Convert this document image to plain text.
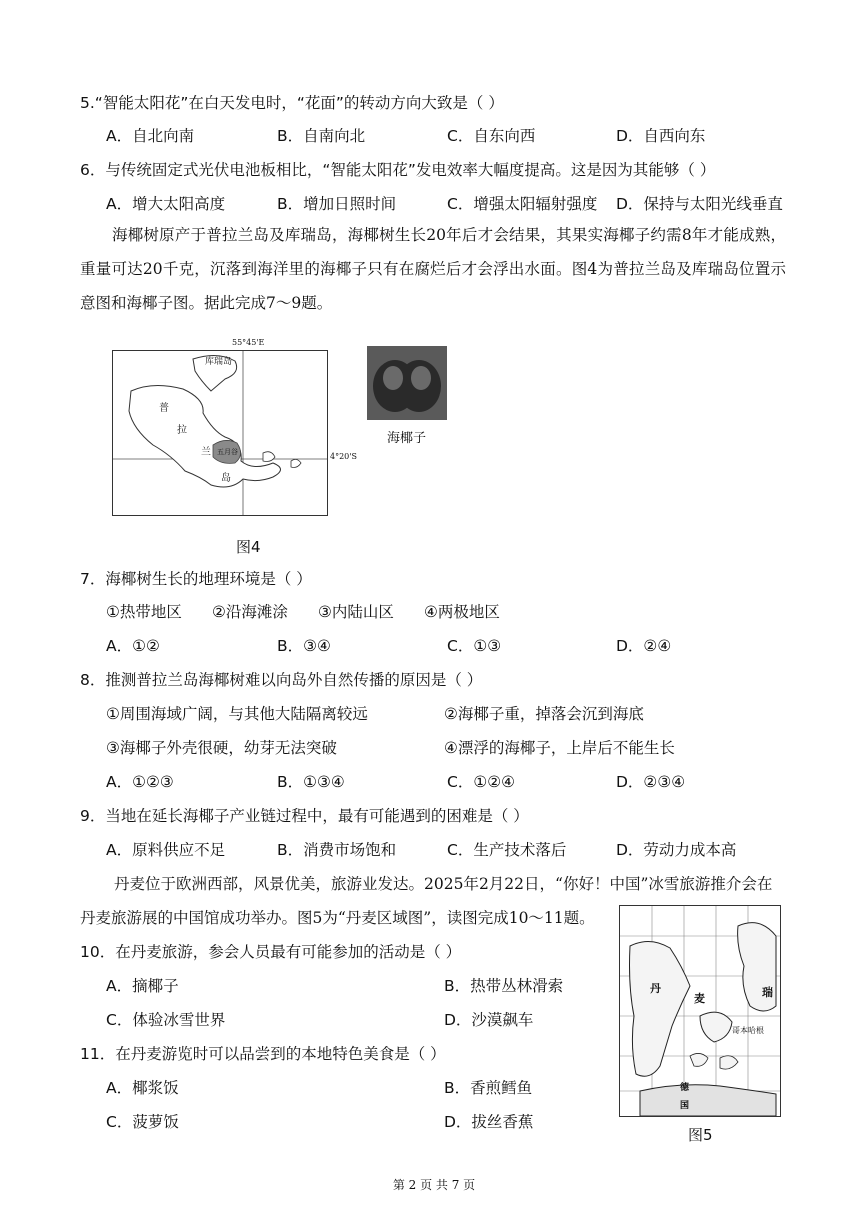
5.“智能太阳花”在白天发电时，“花面”的转动方向大致是（ ）
A．自北向南	B．自南向北	C．自东向西	D．自西向东
6．与传统固定式光伏电池板相比，“智能太阳花”发电效率大幅度提高。这是因为其能够（ ）
A．增大太阳高度	B．增加日照时间	C．增强太阳辐射强度 D．保持与太阳光线垂直
海椰树原产于普拉兰岛及库瑞岛，海椰树生长20年后才会结果，其果实海椰子约需8年才能成熟，重量可达20千克，沉落到海洋里的海椰子只有在腐烂后才会浮出水面。图4为普拉兰岛及库瑞岛位置示意图和海椰子图。据此完成7～9题。
库瑞岛
普
拉
兰
岛
五月谷
55°45'E
4°20'S
海椰子
图4
7．海椰树生长的地理环境是（ ）
①热带地区 ②沿海滩涂 ③内陆山区 ④两极地区
A．①②	B．③④	C．①③	D．②④
8．推测普拉兰岛海椰树难以向岛外自然传播的原因是（ ）
①周围海域广阔，与其他大陆隔离较远	②海椰子重，掉落会沉到海底
③海椰子外壳很硬，幼芽无法突破	④漂浮的海椰子，上岸后不能生长
A．①②③	B．①③④	C．①②④	D．②③④
9．当地在延长海椰子产业链过程中，最有可能遇到的困难是（ ）
A．原料供应不足	B．消费市场饱和	C．生产技术落后	D．劳动力成本高
丹麦位于欧洲西部，风景优美，旅游业发达。2025年2月22日，“你好！中国”冰雪旅游推介会在
丹麦旅游展的中国馆成功举办。图5为“丹麦区域图”，读图完成10～11题。
10．在丹麦旅游，参会人员最有可能参加的活动是（ ）
A．摘椰子	B．热带丛林滑索
C．体验冰雪世界	D．沙漠飙车
11．在丹麦游览时可以品尝到的本地特色美食是（ ）
A．椰浆饭	B．香煎鳕鱼
C．菠萝饭	D．拔丝香蕉
丹
麦	瑞
哥本哈根
德
国
图5
第 2 页 共 7 页
